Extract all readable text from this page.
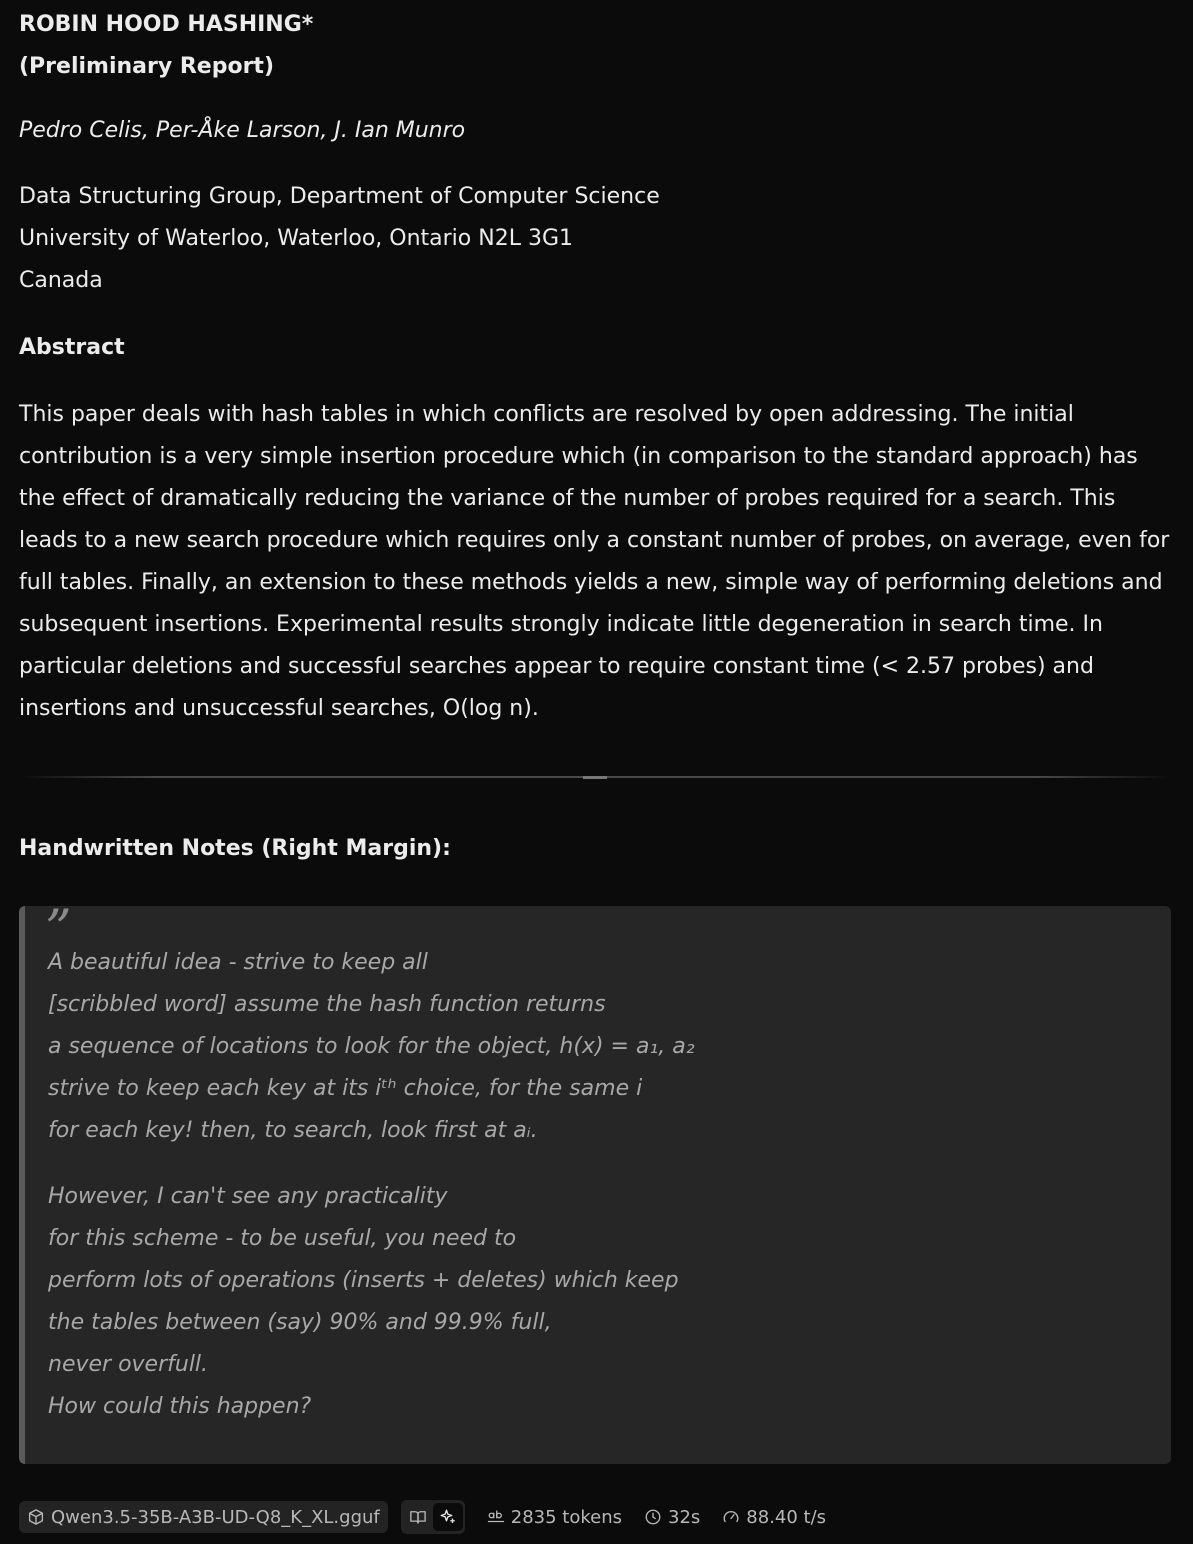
ROBIN HOOD HASHING*
(Preliminary Report)
Pedro Celis, Per-Åke Larson, J. Ian Munro
Data Structuring Group, Department of Computer Science
University of Waterloo, Waterloo, Ontario N2L 3G1
Canada
Abstract
This paper deals with hash tables in which conflicts are resolved by open addressing. The initial contribution is a very simple insertion procedure which (in comparison to the standard approach) has the effect of dramatically reducing the variance of the number of probes required for a search. This leads to a new search procedure which requires only a constant number of probes, on average, even for full tables. Finally, an extension to these methods yields a new, simple way of performing deletions and subsequent insertions. Experimental results strongly indicate little degeneration in search time. In particular deletions and successful searches appear to require constant time (< 2.57 probes) and insertions and unsuccessful searches, O(log n).
Handwritten Notes (Right Margin):
”
A beautiful idea - strive to keep all
[scribbled word] assume the hash function returns
a sequence of locations to look for the object, h(x) = a₁, a₂
strive to keep each key at its iᵗʰ choice, for the same i
for each key! then, to search, look first at aᵢ.
However, I can't see any practicality
for this scheme - to be useful, you need to
perform lots of operations (inserts + deletes) which keep
the tables between (say) 90% and 99.9% full,
never overfull.
How could this happen?
Qwen3.5-35B-A3B-UD-Q8_K_XL.gguf	2835 tokens	32s	88.40 t/s
